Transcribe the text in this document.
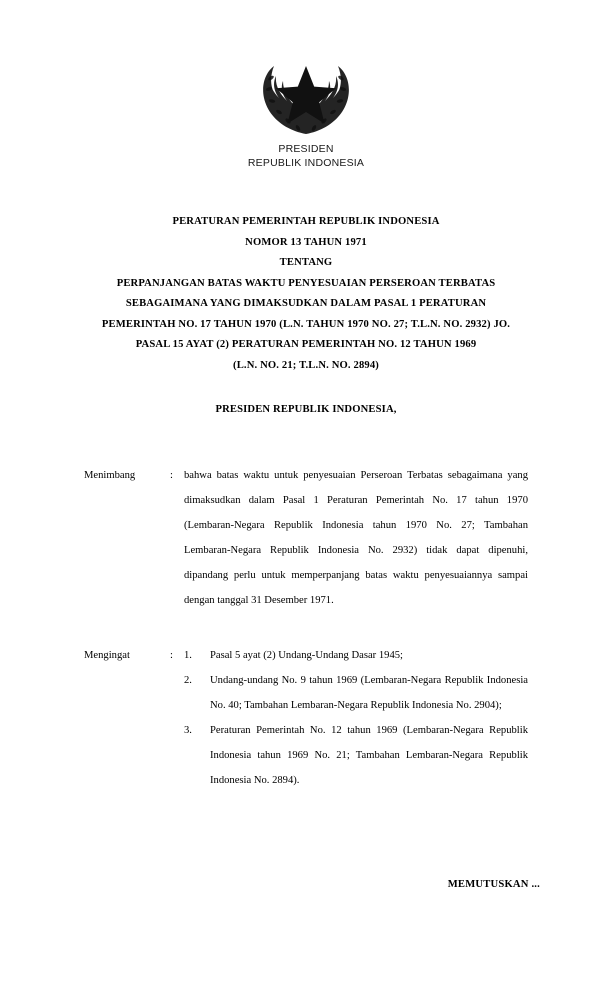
PRESIDEN
REPUBLIK INDONESIA
PERATURAN PEMERINTAH REPUBLIK INDONESIA
NOMOR 13 TAHUN 1971
TENTANG
PERPANJANGAN BATAS WAKTU PENYESUAIAN PERSEROAN TERBATAS
SEBAGAIMANA YANG DIMAKSUDKAN DALAM PASAL 1 PERATURAN
PEMERINTAH NO. 17 TAHUN 1970 (L.N. TAHUN 1970 NO. 27; T.L.N. NO. 2932) JO.
PASAL 15 AYAT (2) PERATURAN PEMERINTAH NO. 12 TAHUN 1969
(L.N. NO. 21; T.L.N. NO. 2894)
PRESIDEN REPUBLIK INDONESIA,
Menimbang	:	bahwa batas waktu untuk penyesuaian Perseroan Terbatas sebagaimana yang dimaksudkan dalam Pasal 1 Peraturan Pemerintah No. 17 tahun 1970 (Lembaran-Negara Republik Indonesia tahun 1970 No. 27; Tambahan Lembaran-Negara Republik Indonesia No. 2932) tidak dapat dipenuhi, dipandang perlu untuk memperpanjang batas waktu penyesuaiannya sampai dengan tanggal 31 Desember 1971.

Mengingat	:	1.	Pasal 5 ayat (2) Undang-Undang Dasar 1945;
2.	Undang-undang No. 9 tahun 1969 (Lembaran-Negara Republik Indonesia No. 40; Tambahan Lembaran-Negara Republik Indonesia No. 2904);
3.	Peraturan Pemerintah No. 12 tahun 1969 (Lembaran-Negara Republik Indonesia tahun 1969 No. 21; Tambahan Lembaran-Negara Republik Indonesia No. 2894).
MEMUTUSKAN ...
